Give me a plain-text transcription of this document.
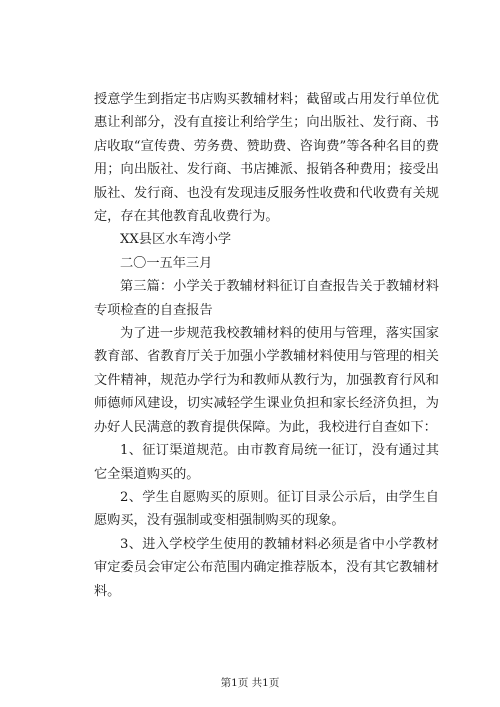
授意学生到指定书店购买教辅材料；截留或占用发行单位优惠让利部分，没有直接让利给学生；向出版社、发行商、书店收取“宣传费、劳务费、赞助费、咨询费”等各种名目的费用；向出版社、发行商、书店摊派、报销各种费用；接受出版社、发行商、也没有发现违反服务性收费和代收费有关规定，存在其他教育乱收费行为。

XX县区水车湾小学

二〇一五年三月

第三篇：小学关于教辅材料征订自查报告关于教辅材料专项检查的自查报告

为了进一步规范我校教辅材料的使用与管理，落实国家教育部、省教育厅关于加强小学教辅材料使用与管理的相关文件精神，规范办学行为和教师从教行为，加强教育行风和师德师风建设，切实减轻学生课业负担和家长经济负担，为办好人民满意的教育提供保障。为此，我校进行自查如下：

1、征订渠道规范。由市教育局统一征订，没有通过其它全渠道购买的。

2、学生自愿购买的原则。征订目录公示后，由学生自愿购买，没有强制或变相强制购买的现象。

3、进入学校学生使用的教辅材料必须是省中小学教材审定委员会审定公布范围内确定推荐版本，没有其它教辅材料。

第1页 共1页
